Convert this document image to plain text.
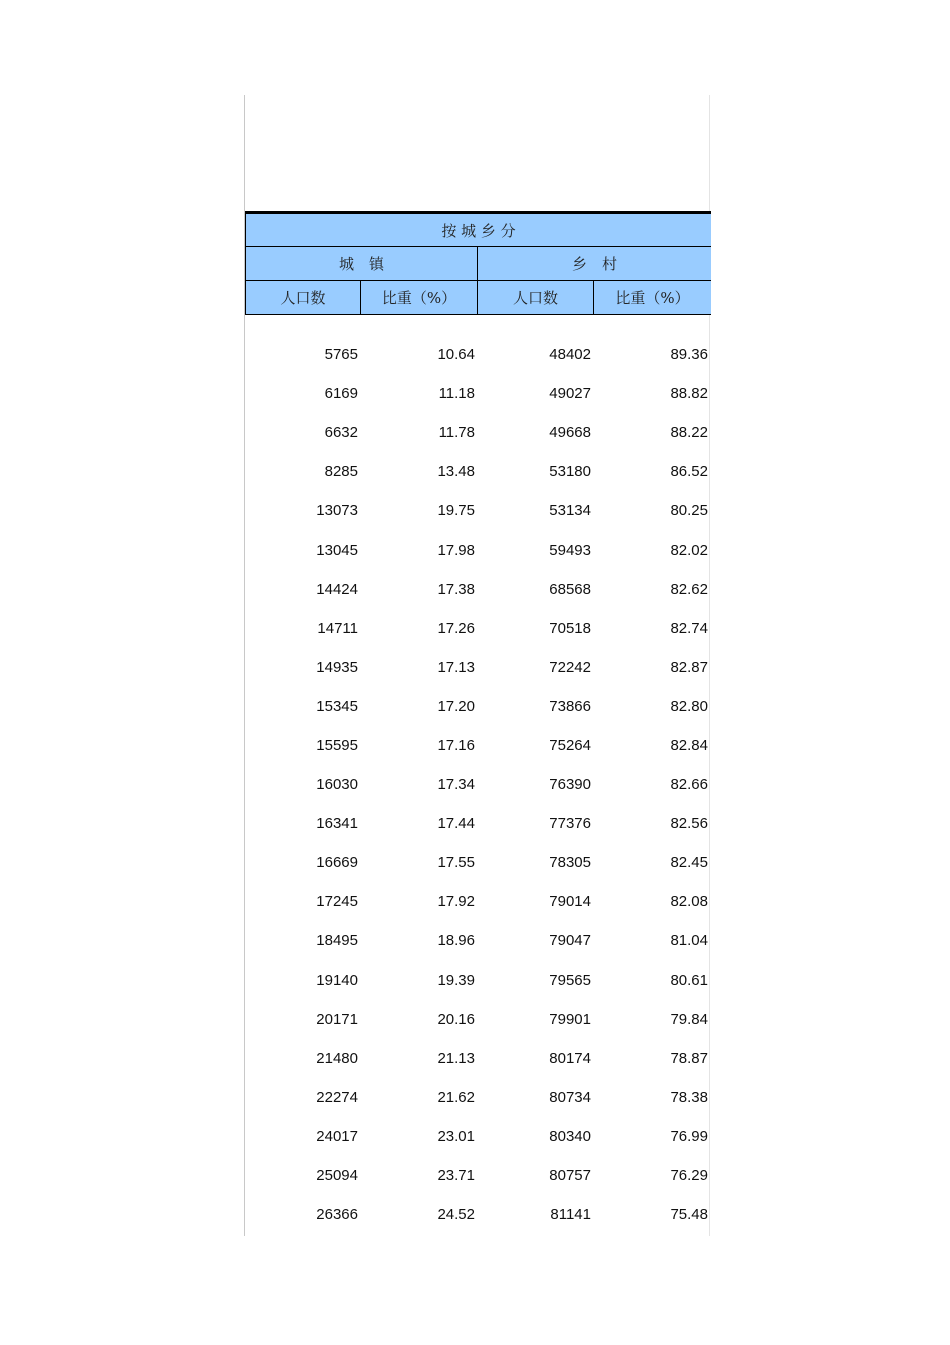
按 城 乡 分
城　镇	乡　村
人口数	比重（%）	人口数	比重（%）
5765	10.64	48402	89.36
6169	11.18	49027	88.82
6632	11.78	49668	88.22
8285	13.48	53180	86.52
13073	19.75	53134	80.25
13045	17.98	59493	82.02
14424	17.38	68568	82.62
14711	17.26	70518	82.74
14935	17.13	72242	82.87
15345	17.20	73866	82.80
15595	17.16	75264	82.84
16030	17.34	76390	82.66
16341	17.44	77376	82.56
16669	17.55	78305	82.45
17245	17.92	79014	82.08
18495	18.96	79047	81.04
19140	19.39	79565	80.61
20171	20.16	79901	79.84
21480	21.13	80174	78.87
22274	21.62	80734	78.38
24017	23.01	80340	76.99
25094	23.71	80757	76.29
26366	24.52	81141	75.48
